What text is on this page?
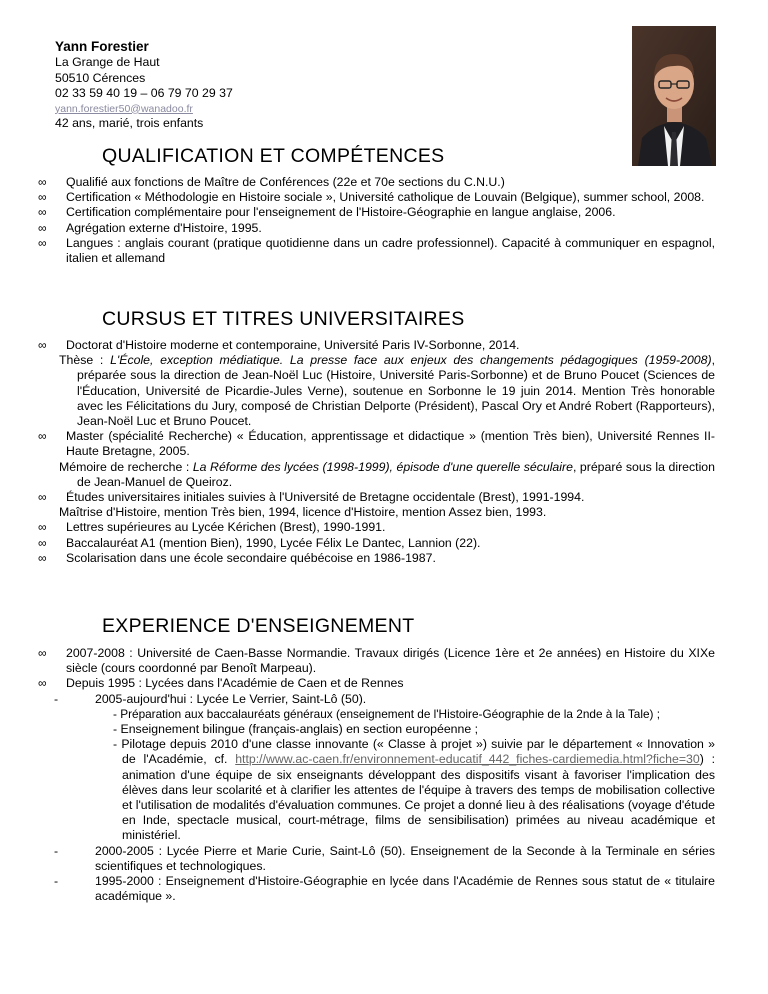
Yann Forestier
La Grange de Haut
50510 Cérences
02 33 59 40 19 – 06 79 70 29 37
yann.forestier50@wanadoo.fr
42 ans, marié, trois enfants
QUALIFICATION ET COMPÉTENCES
∞ Qualifié aux fonctions de Maître de Conférences (22e et 70e sections du C.N.U.)
∞ Certification « Méthodologie en Histoire sociale », Université catholique de Louvain (Belgique), summer school, 2008.
∞ Certification complémentaire pour l'enseignement de l'Histoire-Géographie en langue anglaise, 2006.
∞ Agrégation externe d'Histoire, 1995.
∞ Langues : anglais courant (pratique quotidienne dans un cadre professionnel). Capacité à communiquer en espagnol, italien et allemand
CURSUS ET TITRES UNIVERSITAIRES
∞ Doctorat d'Histoire moderne et contemporaine, Université Paris IV-Sorbonne, 2014.
Thèse : L'École, exception médiatique. La presse face aux enjeux des changements pédagogiques (1959-2008), préparée sous la direction de Jean-Noël Luc (Histoire, Université Paris-Sorbonne) et de Bruno Poucet (Sciences de l'Éducation, Université de Picardie-Jules Verne), soutenue en Sorbonne le 19 juin 2014. Mention Très honorable avec les Félicitations du Jury, composé de Christian Delporte (Président), Pascal Ory et André Robert (Rapporteurs), Jean-Noël Luc et Bruno Poucet.
∞ Master (spécialité Recherche) « Éducation, apprentissage et didactique » (mention Très bien), Université Rennes II-Haute Bretagne, 2005.
Mémoire de recherche : La Réforme des lycées (1998-1999), épisode d'une querelle séculaire, préparé sous la direction de Jean-Manuel de Queiroz.
∞ Études universitaires initiales suivies à l'Université de Bretagne occidentale (Brest), 1991-1994.
Maîtrise d'Histoire, mention Très bien, 1994, licence d'Histoire, mention Assez bien, 1993.
∞ Lettres supérieures au Lycée Kérichen (Brest), 1990-1991.
∞ Baccalauréat A1 (mention Bien), 1990, Lycée Félix Le Dantec, Lannion (22).
∞ Scolarisation dans une école secondaire québécoise en 1986-1987.
EXPERIENCE D'ENSEIGNEMENT
∞ 2007-2008 : Université de Caen-Basse Normandie. Travaux dirigés (Licence 1ère et 2e années) en Histoire du XIXe siècle (cours coordonné par Benoît Marpeau).
∞ Depuis 1995 : Lycées dans l'Académie de Caen et de Rennes
-	2005-aujourd'hui : Lycée Le Verrier, Saint-Lô (50).
- Préparation aux baccalauréats généraux (enseignement de l'Histoire-Géographie de la 2nde à la Tale) ;
- Enseignement bilingue (français-anglais) en section européenne ;
- Pilotage depuis 2010 d'une classe innovante (« Classe à projet ») suivie par le département « Innovation » de l'Académie, cf. http://www.ac-caen.fr/environnement-educatif_442_fiches-cardiemedia.html?fiche=30) : animation d'une équipe de six enseignants développant des dispositifs visant à favoriser l'implication des élèves dans leur scolarité et à clarifier les attentes de l'équipe à travers des temps de mobilisation collective et l'utilisation de modalités d'évaluation communes. Ce projet a donné lieu à des réalisations (voyage d'étude en Inde, spectacle musical, court-métrage, films de sensibilisation) primées au niveau académique et ministériel.
-	2000-2005 : Lycée Pierre et Marie Curie, Saint-Lô (50). Enseignement de la Seconde à la Terminale en séries scientifiques et technologiques.
-	1995-2000 : Enseignement d'Histoire-Géographie en lycée dans l'Académie de Rennes sous statut de « titulaire académique ».
